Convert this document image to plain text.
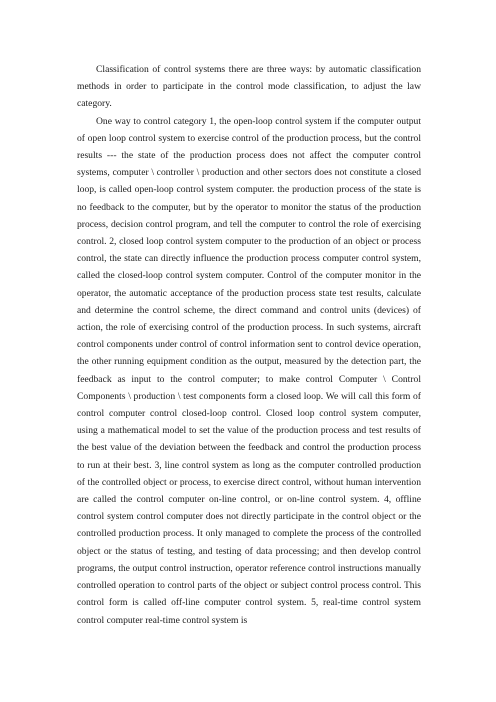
Classification of control systems there are three ways: by automatic classification methods in order to participate in the control mode classification, to adjust the law category.

One way to control category 1, the open-loop control system if the computer output of open loop control system to exercise control of the production process, but the control results --- the state of the production process does not affect the computer control systems, computer \ controller \ production and other sectors does not constitute a closed loop, is called open-loop control system computer. the production process of the state is no feedback to the computer, but by the operator to monitor the status of the production process, decision control program, and tell the computer to control the role of exercising control. 2, closed loop control system computer to the production of an object or process control, the state can directly influence the production process computer control system, called the closed-loop control system computer. Control of the computer monitor in the operator, the automatic acceptance of the production process state test results, calculate and determine the control scheme, the direct command and control units (devices) of action, the role of exercising control of the production process. In such systems, aircraft control components under control of control information sent to control device operation, the other running equipment condition as the output, measured by the detection part, the feedback as input to the control computer; to make control Computer \ Control Components \ production \ test components form a closed loop. We will call this form of control computer control closed-loop control. Closed loop control system computer, using a mathematical model to set the value of the production process and test results of the best value of the deviation between the feedback and control the production process to run at their best. 3, line control system as long as the computer controlled production of the controlled object or process, to exercise direct control, without human intervention are called the control computer on-line control, or on-line control system. 4, offline control system control computer does not directly participate in the control object or the controlled production process. It only managed to complete the process of the controlled object or the status of testing, and testing of data processing; and then develop control programs, the output control instruction, operator reference control instructions manually controlled operation to control parts of the object or subject control process control. This control form is called off-line computer control system. 5, real-time control system control computer real-time control system is
